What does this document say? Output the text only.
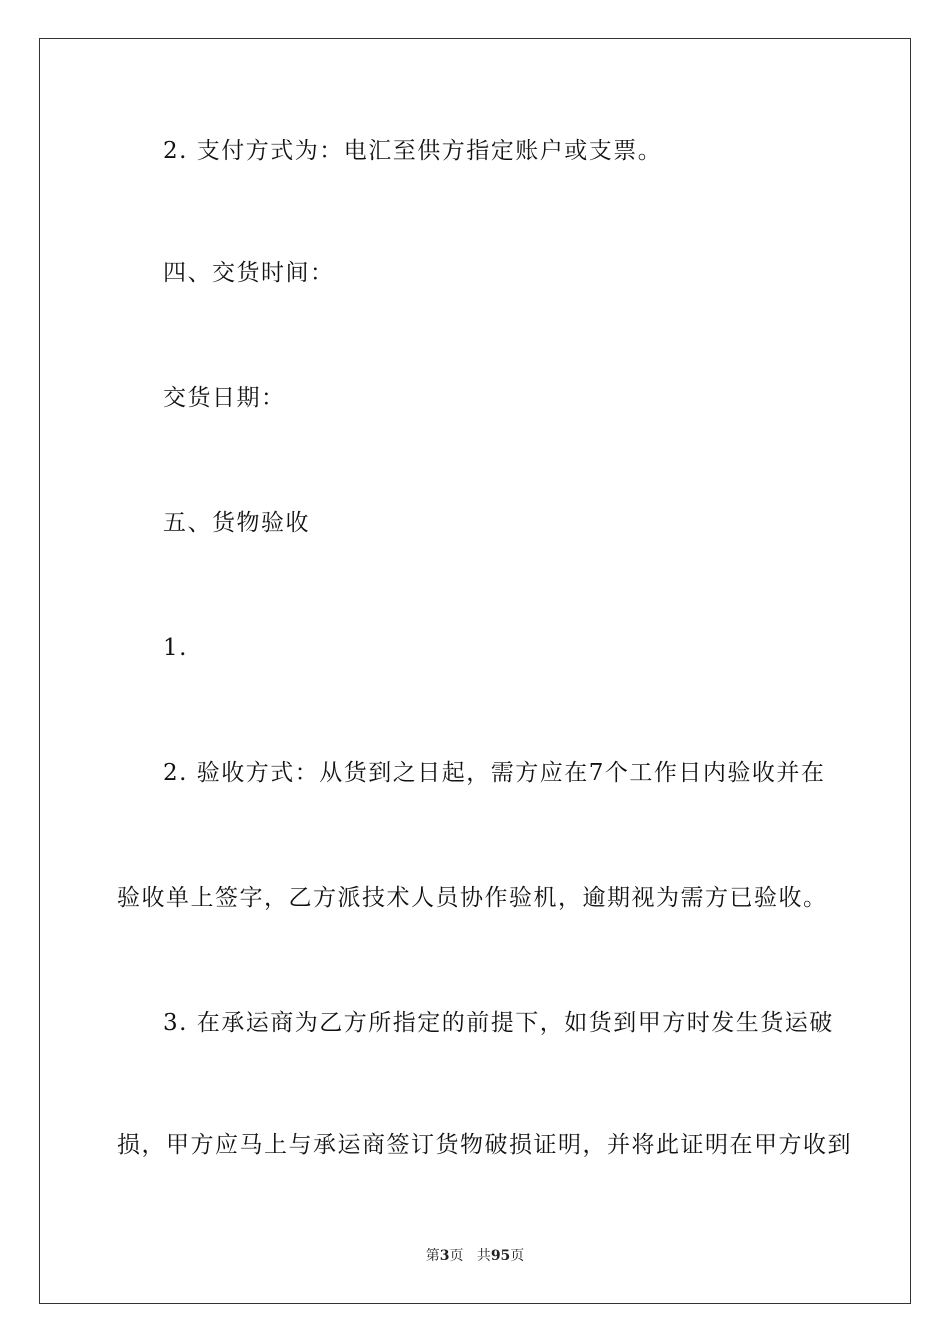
2. 支付方式为：电汇至供方指定账户或支票。
四、交货时间：
交货日期：
五、货物验收
1.
2. 验收方式：从货到之日起，需方应在7个工作日内验收并在
验收单上签字，乙方派技术人员协作验机，逾期视为需方已验收。
3. 在承运商为乙方所指定的前提下，如货到甲方时发生货运破
损，甲方应马上与承运商签订货物破损证明，并将此证明在甲方收到
第3页 共95页
